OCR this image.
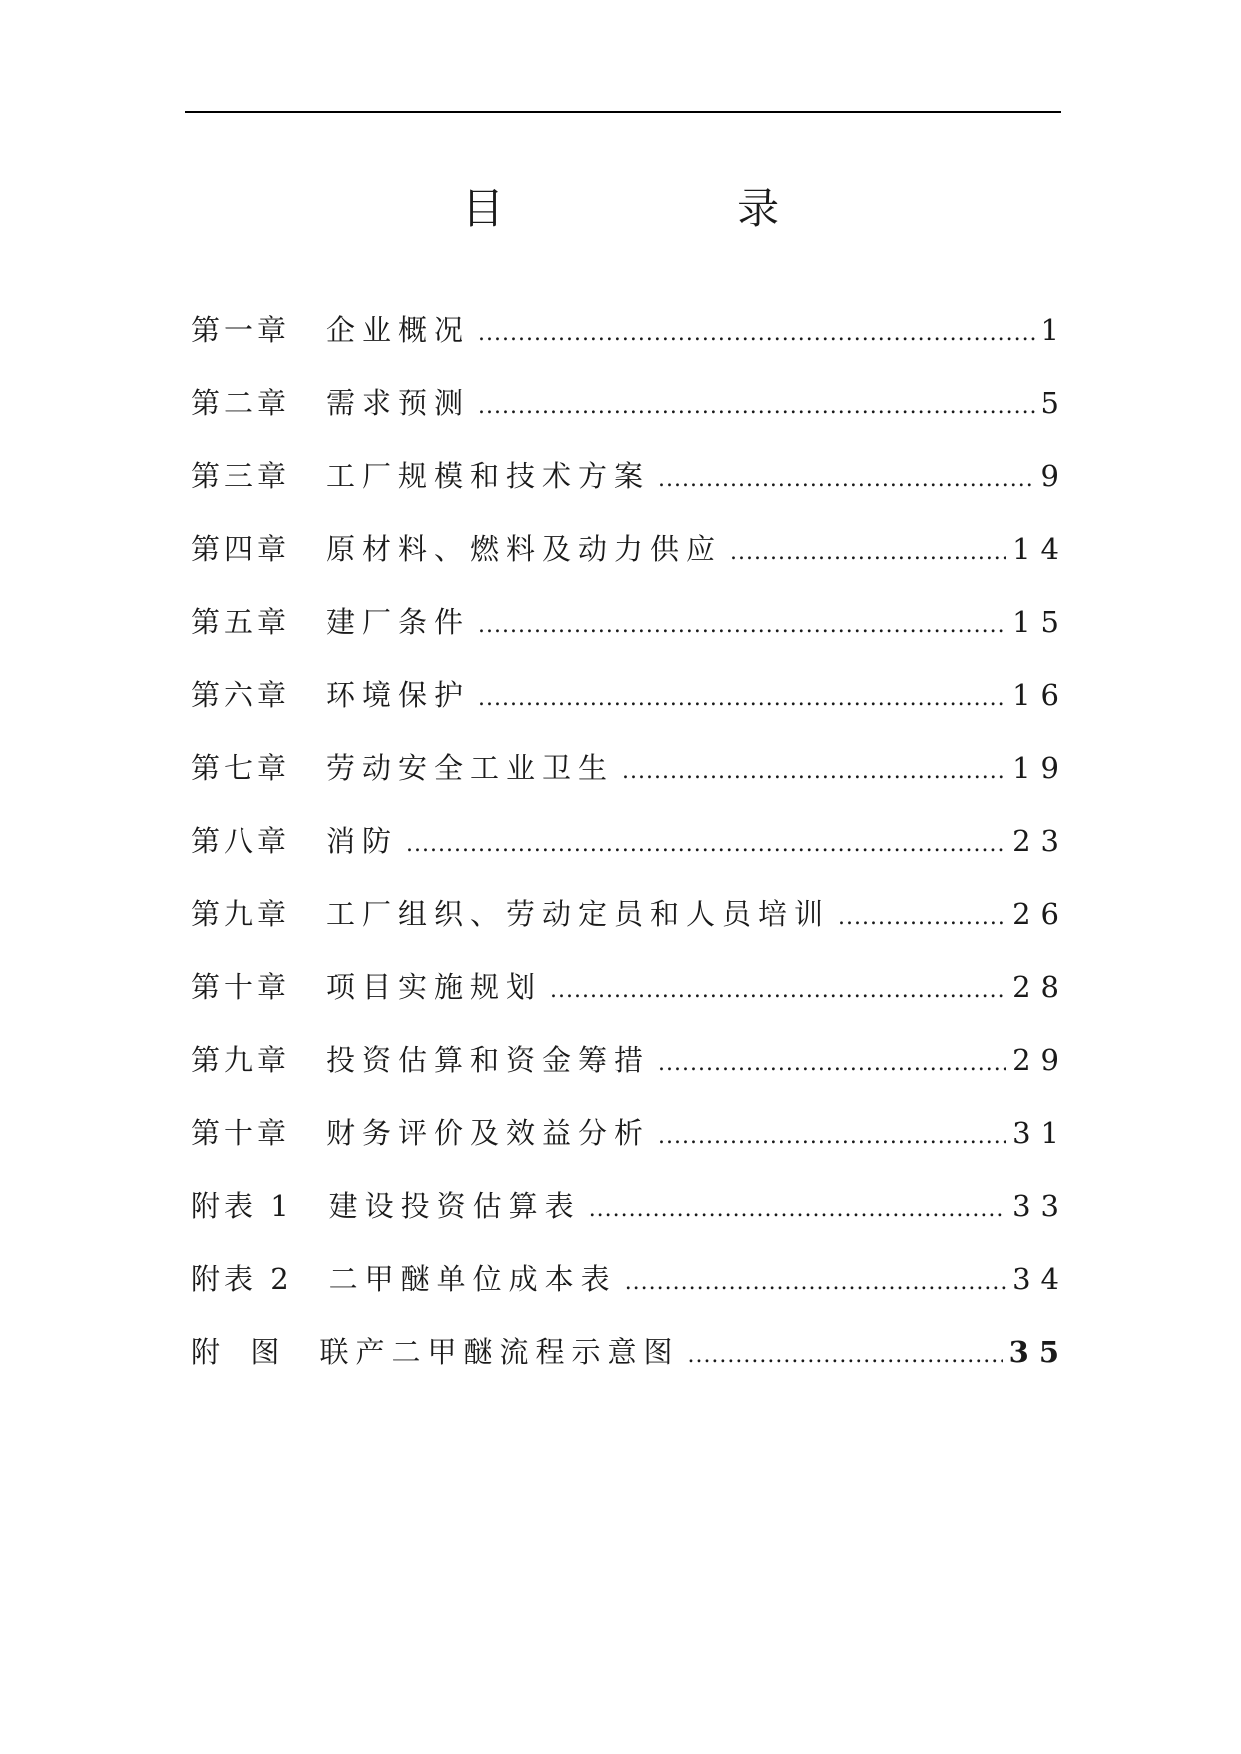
目 录
第一章 企业概况 .....	1
第二章 需求预测 .....	5
第三章 工厂规模和技术方案 .....	9
第四章 原材料、燃料及动力供应 .....	14
第五章 建厂条件 .....	15
第六章 环境保护 .....	16
第七章 劳动安全工业卫生 .....	19
第八章 消防 .....	23
第九章 工厂组织、劳动定员和人员培训 .....	26
第十章 项目实施规划 .....	28
第九章 投资估算和资金筹措 .....	29
第十章 财务评价及效益分析 .....	31
附表 1 建设投资估算表 .....	33
附表 2 二甲醚单位成本表 .....	34
附  图 联产二甲醚流程示意图 .....	35
